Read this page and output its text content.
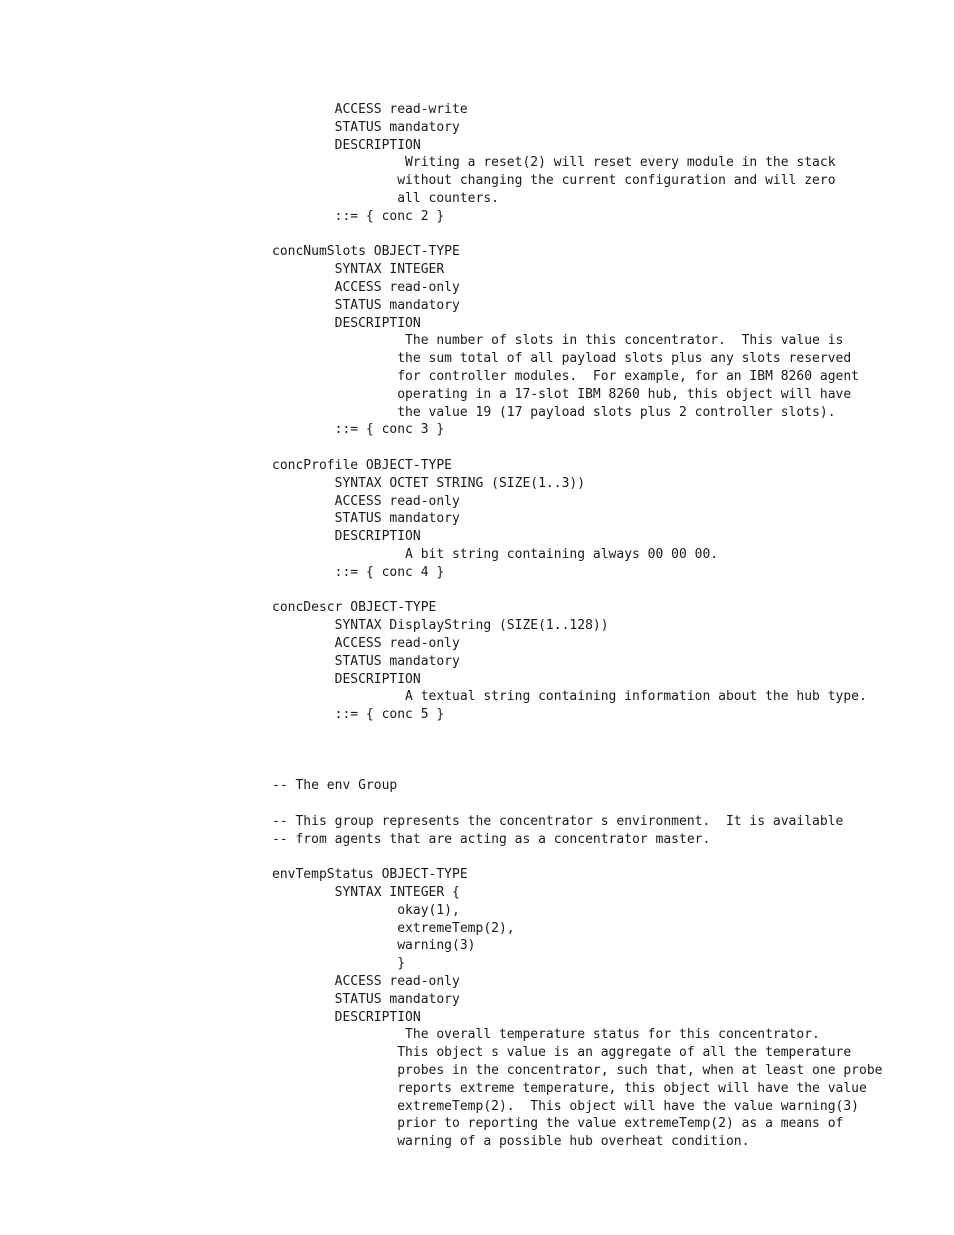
ACCESS read-write
STATUS mandatory
DESCRIPTION
Writing a reset(2) will reset every module in the stack
without changing the current configuration and will zero
all counters.
::= { conc 2 }
concNumSlots OBJECT-TYPE
SYNTAX INTEGER
ACCESS read-only
STATUS mandatory
DESCRIPTION
The number of slots in this concentrator.  This value is
the sum total of all payload slots plus any slots reserved
for controller modules.  For example, for an IBM 8260 agent
operating in a 17-slot IBM 8260 hub, this object will have
the value 19 (17 payload slots plus 2 controller slots).
::= { conc 3 }
concProfile OBJECT-TYPE
SYNTAX OCTET STRING (SIZE(1..3))
ACCESS read-only
STATUS mandatory
DESCRIPTION
A bit string containing always 00 00 00.
::= { conc 4 }
concDescr OBJECT-TYPE
SYNTAX DisplayString (SIZE(1..128))
ACCESS read-only
STATUS mandatory
DESCRIPTION
A textual string containing information about the hub type.
::= { conc 5 }
-- The env Group
-- This group represents the concentrator s environment.  It is available
-- from agents that are acting as a concentrator master.
envTempStatus OBJECT-TYPE
SYNTAX INTEGER {
okay(1),
extremeTemp(2),
warning(3)
}
ACCESS read-only
STATUS mandatory
DESCRIPTION
The overall temperature status for this concentrator.
This object s value is an aggregate of all the temperature
probes in the concentrator, such that, when at least one probe
reports extreme temperature, this object will have the value
extremeTemp(2).  This object will have the value warning(3)
prior to reporting the value extremeTemp(2) as a means of
warning of a possible hub overheat condition.
